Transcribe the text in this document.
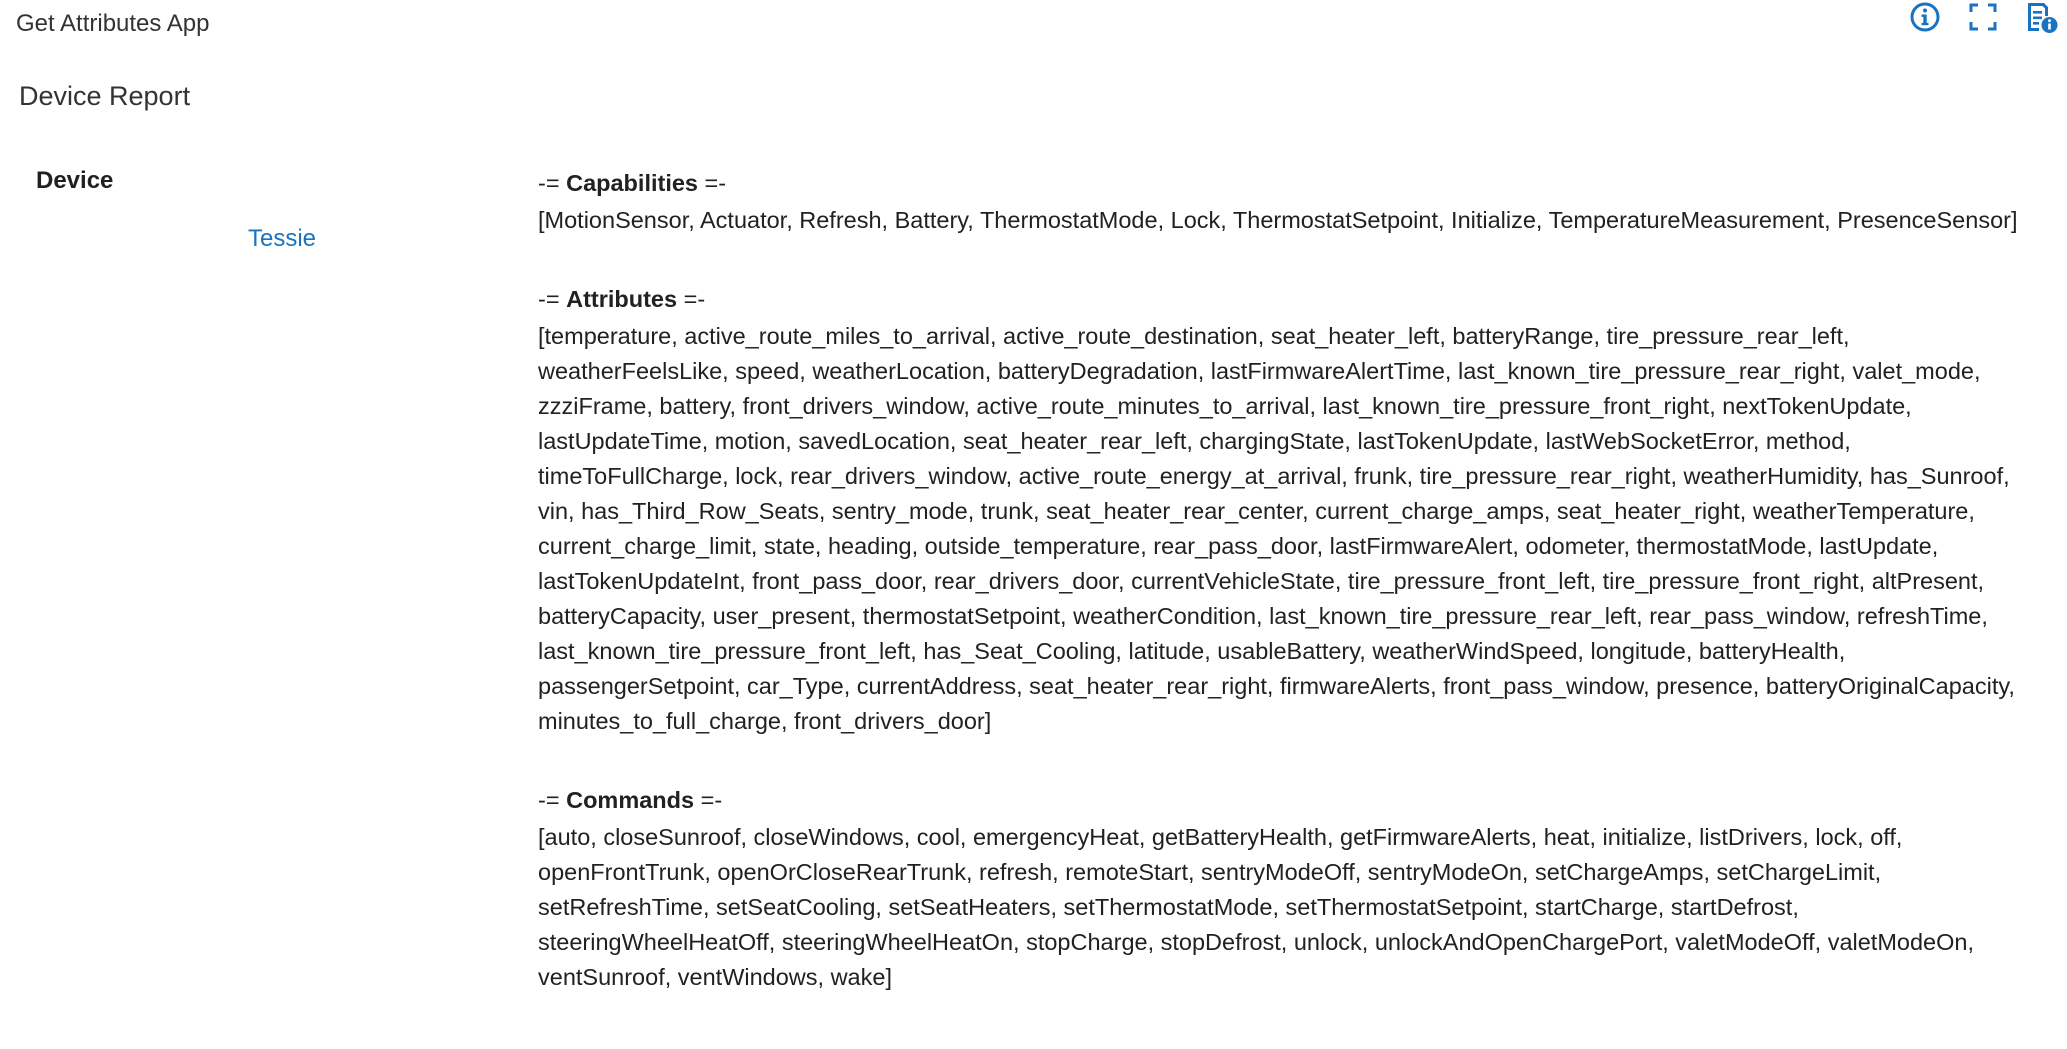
Get Attributes App
Device Report
Device
Tessie
-= Capabilities =-
[MotionSensor, Actuator, Refresh, Battery, ThermostatMode, Lock, ThermostatSetpoint, Initialize, TemperatureMeasurement, PresenceSensor]
-= Attributes =-
[temperature, active_route_miles_to_arrival, active_route_destination, seat_heater_left, batteryRange, tire_pressure_rear_left, weatherFeelsLike, speed, weatherLocation, batteryDegradation, lastFirmwareAlertTime, last_known_tire_pressure_rear_right, valet_mode, zzziFrame, battery, front_drivers_window, active_route_minutes_to_arrival, last_known_tire_pressure_front_right, nextTokenUpdate, lastUpdateTime, motion, savedLocation, seat_heater_rear_left, chargingState, lastTokenUpdate, lastWebSocketError, method, timeToFullCharge, lock, rear_drivers_window, active_route_energy_at_arrival, frunk, tire_pressure_rear_right, weatherHumidity, has_Sunroof, vin, has_Third_Row_Seats, sentry_mode, trunk, seat_heater_rear_center, current_charge_amps, seat_heater_right, weatherTemperature, current_charge_limit, state, heading, outside_temperature, rear_pass_door, lastFirmwareAlert, odometer, thermostatMode, lastUpdate, lastTokenUpdateInt, front_pass_door, rear_drivers_door, currentVehicleState, tire_pressure_front_left, tire_pressure_front_right, altPresent, batteryCapacity, user_present, thermostatSetpoint, weatherCondition, last_known_tire_pressure_rear_left, rear_pass_window, refreshTime, last_known_tire_pressure_front_left, has_Seat_Cooling, latitude, usableBattery, weatherWindSpeed, longitude, batteryHealth, passengerSetpoint, car_Type, currentAddress, seat_heater_rear_right, firmwareAlerts, front_pass_window, presence, batteryOriginalCapacity, minutes_to_full_charge, front_drivers_door]
-= Commands =-
[auto, closeSunroof, closeWindows, cool, emergencyHeat, getBatteryHealth, getFirmwareAlerts, heat, initialize, listDrivers, lock, off, openFrontTrunk, openOrCloseRearTrunk, refresh, remoteStart, sentryModeOff, sentryModeOn, setChargeAmps, setChargeLimit, setRefreshTime, setSeatCooling, setSeatHeaters, setThermostatMode, setThermostatSetpoint, startCharge, startDefrost, steeringWheelHeatOff, steeringWheelHeatOn, stopCharge, stopDefrost, unlock, unlockAndOpenChargePort, valetModeOff, valetModeOn, ventSunroof, ventWindows, wake]
